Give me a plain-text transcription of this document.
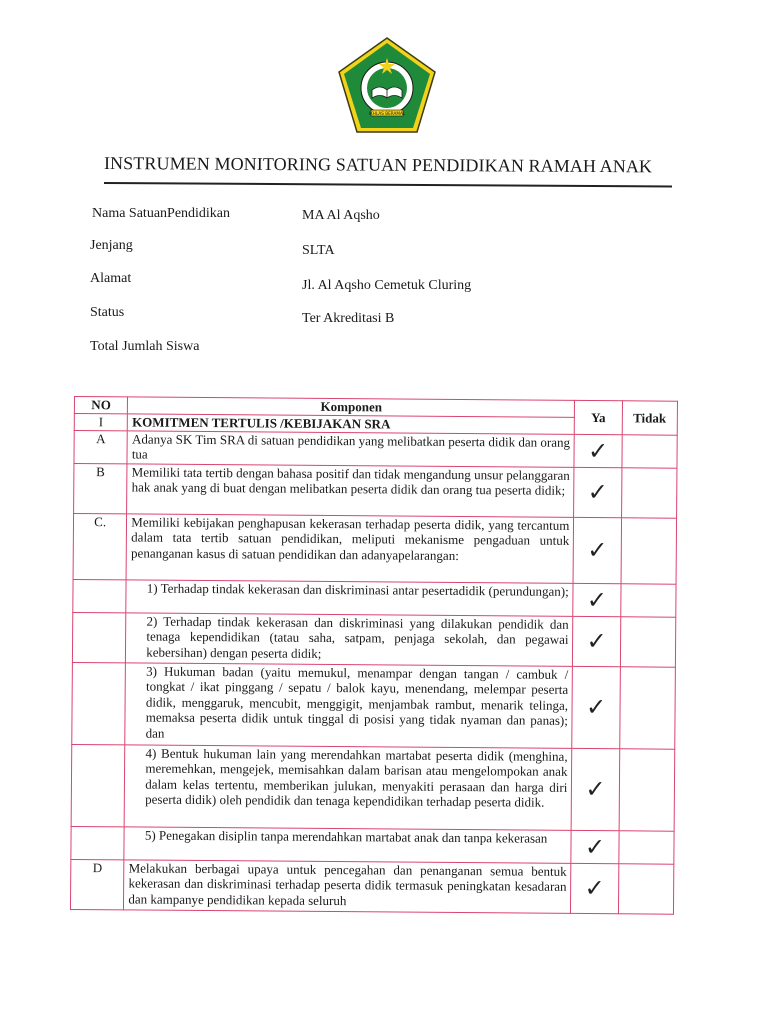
IKHLAS BERAMAL
INSTRUMEN MONITORING SATUAN PENDIDIKAN RAMAH ANAK
Nama SatuanPendidikan	MA Al Aqsho
Jenjang	SLTA
Alamat	Jl. Al Aqsho Cemetuk Cluring
Status	Ter Akreditasi B
Total Jumlah Siswa
NO	Komponen	Ya	Tidak
I	KOMITMEN TERTULIS /KEBIJAKAN SRA		
A	Adanya SK Tim SRA di satuan pendidikan yang melibatkan peserta didik dan orang tua	✓	
B	Memiliki tata tertib dengan bahasa positif dan tidak mengandung unsur pelanggaran hak anak yang di buat dengan melibatkan peserta didik dan orang tua peserta didik;	✓	
C.	Memiliki kebijakan penghapusan kekerasan terhadap peserta didik, yang tercantum dalam tata tertib satuan pendidikan, meliputi mekanisme pengaduan untuk penanganan kasus di satuan pendidikan dan adanyapelarangan:	✓	
	1) Terhadap tindak kekerasan dan diskriminasi antar pesertadidik (perundungan);	✓	
	2) Terhadap tindak kekerasan dan diskriminasi yang dilakukan pendidik dan tenaga kependidikan (tatau saha, satpam, penjaga sekolah, dan pegawai kebersihan) dengan peserta didik;	✓	
	3) Hukuman badan (yaitu memukul, menampar dengan tangan / cambuk / tongkat / ikat pinggang / sepatu / balok kayu, menendang, melempar peserta didik, menggaruk, mencubit, menggigit, menjambak rambut, menarik telinga, memaksa peserta didik untuk tinggal di posisi yang tidak nyaman dan panas); dan	✓	
	4) Bentuk hukuman lain yang merendahkan martabat peserta didik (menghina, meremehkan, mengejek, memisahkan dalam barisan atau mengelompokan anak dalam kelas tertentu, memberikan julukan, menyakiti perasaan dan harga diri peserta didik) oleh pendidik dan tenaga kependidikan terhadap peserta didik.	✓	
	5) Penegakan disiplin tanpa merendahkan martabat anak dan tanpa kekerasan	✓	
D	Melakukan berbagai upaya untuk pencegahan dan penanganan semua bentuk kekerasan dan diskriminasi terhadap peserta didik termasuk peningkatan kesadaran dan kampanye pendidikan kepada seluruh	✓	
